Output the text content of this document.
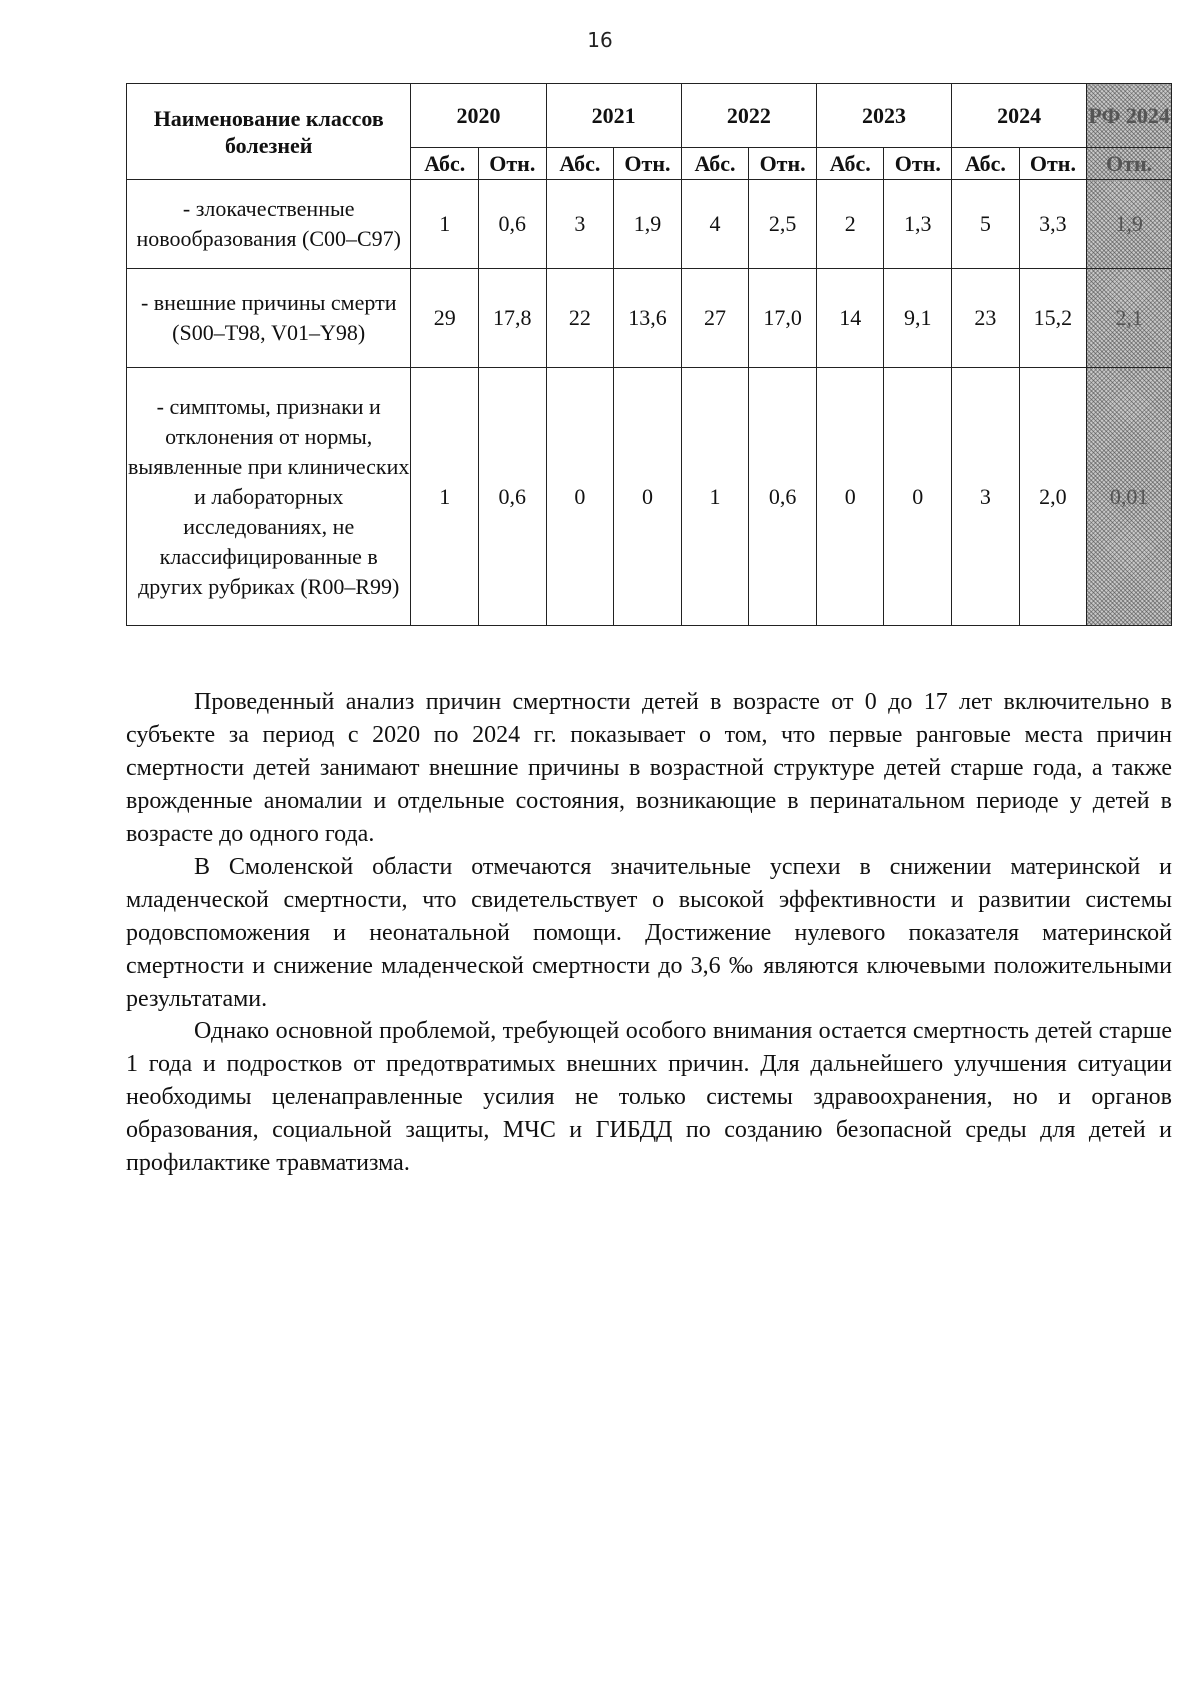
16
Наименование классов болезней	2020		2021		2022		2023		2024		РФ 2024
	Абс.	Отн.	Абс.	Отн.	Абс.	Отн.	Абс.	Отн.	Абс.	Отн.	Отн.
- злокачественные новообразования (С00–С97)	1	0,6	3	1,9	4	2,5	2	1,3	5	3,3	1,9
- внешние причины смерти (S00–Т98, V01–Y98)	29	17,8	22	13,6	27	17,0	14	9,1	23	15,2	2,1
- симптомы, признаки и отклонения от нормы, выявленные при клинических и лабораторных исследованиях, не классифицированные в других рубриках (R00–R99)	1	0,6	0	0	1	0,6	0	0	3	2,0	0,01

Проведенный анализ причин смертности детей в возрасте от 0 до 17 лет включительно в субъекте за период с 2020 по 2024 гг. показывает о том, что первые ранговые места причин смертности детей занимают внешние причины в возрастной структуре детей старше года, а также врожденные аномалии и отдельные состояния, возникающие в перинатальном периоде у детей в возрасте до одного года.

В Смоленской области отмечаются значительные успехи в снижении материнской и младенческой смертности, что свидетельствует о высокой эффективности и развитии системы родовспоможения и неонатальной помощи. Достижение нулевого показателя материнской смертности и снижение младенческой смертности до 3,6 ‰ являются ключевыми положительными результатами.

Однако основной проблемой, требующей особого внимания остается смертность детей старше 1 года и подростков от предотвратимых внешних причин. Для дальнейшего улучшения ситуации необходимы целенаправленные усилия не только системы здравоохранения, но и органов образования, социальной защиты, МЧС и ГИБДД по созданию безопасной среды для детей и профилактике травматизма.
